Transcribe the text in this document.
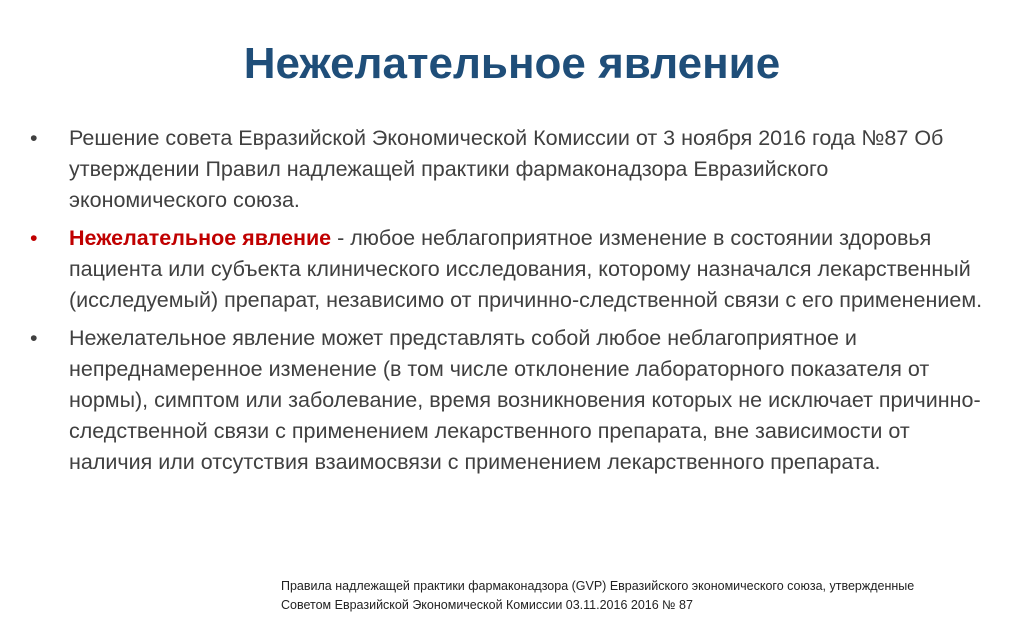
Нежелательное явление
•	Решение совета Евразийской Экономической Комиссии от 3 ноября 2016 года №87 Об утверждении Правил надлежащей практики фармаконадзора Евразийского экономического союза.
•	Нежелательное явление - любое неблагоприятное изменение в состоянии здоровья пациента или субъекта клинического исследования, которому назначался лекарственный (исследуемый) препарат, независимо от причинно-следственной связи с его применением.
•	Нежелательное явление может представлять собой любое неблагоприятное и непреднамеренное изменение (в том числе отклонение лабораторного показателя от нормы), симптом или заболевание, время возникновения которых не исключает причинно-следственной связи с применением лекарственного препарата, вне зависимости от наличия или отсутствия взаимосвязи с применением лекарственного препарата.
Правила надлежащей практики фармаконадзора (GVP) Евразийского экономического союза, утвержденные
Советом Евразийской Экономической Комиссии 03.11.2016 2016 № 87
